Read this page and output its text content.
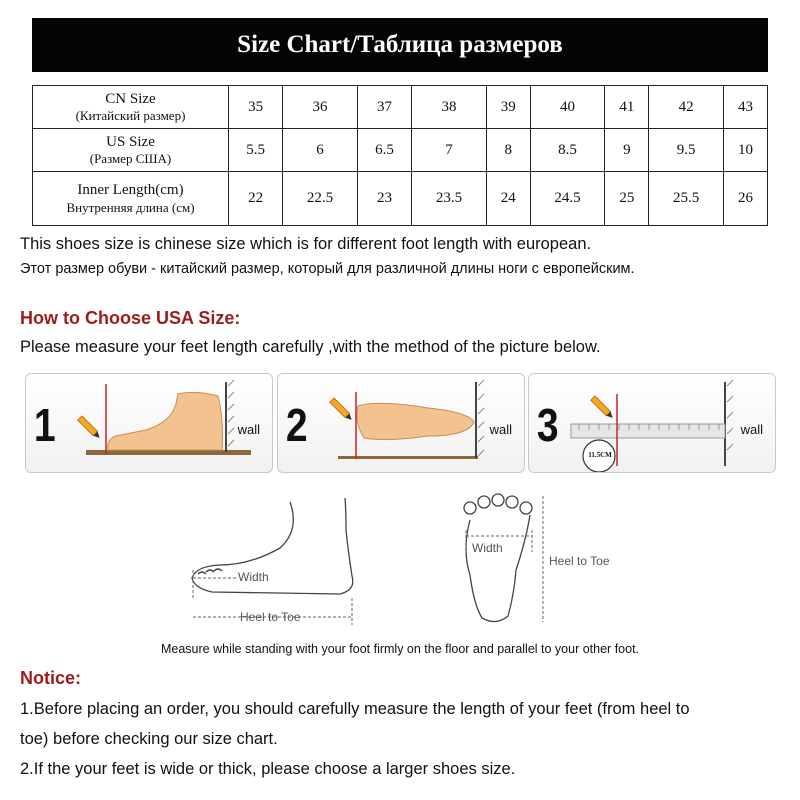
Size Chart/Таблица размеров
CN Size
(Китайский размер)	35	36	37	38	39	40	41	42	43
US Size
(Размер США)	5.5	6	6.5	7	8	8.5	9	9.5	10
Inner Length(cm)
Внутренняя длина (см)	22	22.5	23	23.5	24	24.5	25	25.5	26
This shoes size is chinese size which is for different foot length with european.
Этот размер обуви - китайский размер, который для различной длины ноги с европейским.
How to Choose USA Size:
Please measure your feet length carefully ,with the method of the picture below.
1	wall 2	wall 3	wall
11.5CM
Width
Heel to Toe
Width
Heel to Toe
Measure while standing with your foot firmly on the floor and parallel to your other foot.
Notice:
1.Before placing an order, you should carefully measure the length of your feet (from heel to
toe) before checking our size chart.
2.If the your feet is wide or thick, please choose a larger shoes size.
